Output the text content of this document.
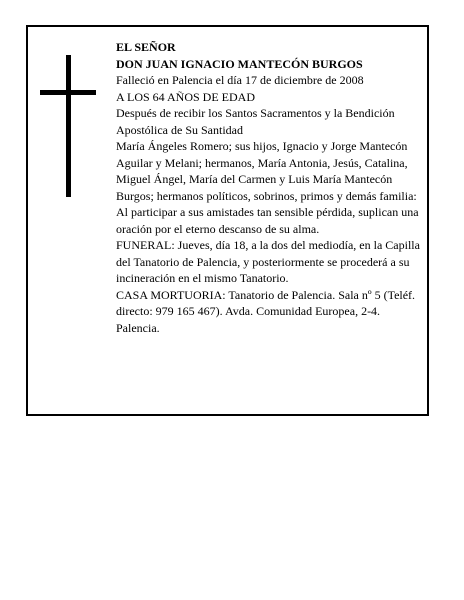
EL SEÑOR

DON JUAN IGNACIO MANTECÓN BURGOS

Falleció en Palencia el día 17 de diciembre de 2008

A LOS 64 AÑOS DE EDAD

Después de recibir los Santos Sacramentos y la Bendición Apostólica de Su Santidad

María Ángeles Romero; sus hijos, Ignacio y Jorge Mantecón Aguilar y Melani; hermanos, María Antonia, Jesús, Catalina, Miguel Ángel, María del Carmen y Luis María Mantecón Burgos; hermanos políticos, sobrinos, primos y demás familia:

Al participar a sus amistades tan sensible pérdida, suplican una oración por el eterno descanso de su alma.

FUNERAL: Jueves, día 18, a la dos del mediodía, en la Capilla del Tanatorio de Palencia, y posteriormente se procederá a su incineración en el mismo Tanatorio.

CASA MORTUORIA: Tanatorio de Palencia. Sala nº 5 (Teléf. directo: 979 165 467). Avda. Comunidad Europea, 2-4. Palencia.
